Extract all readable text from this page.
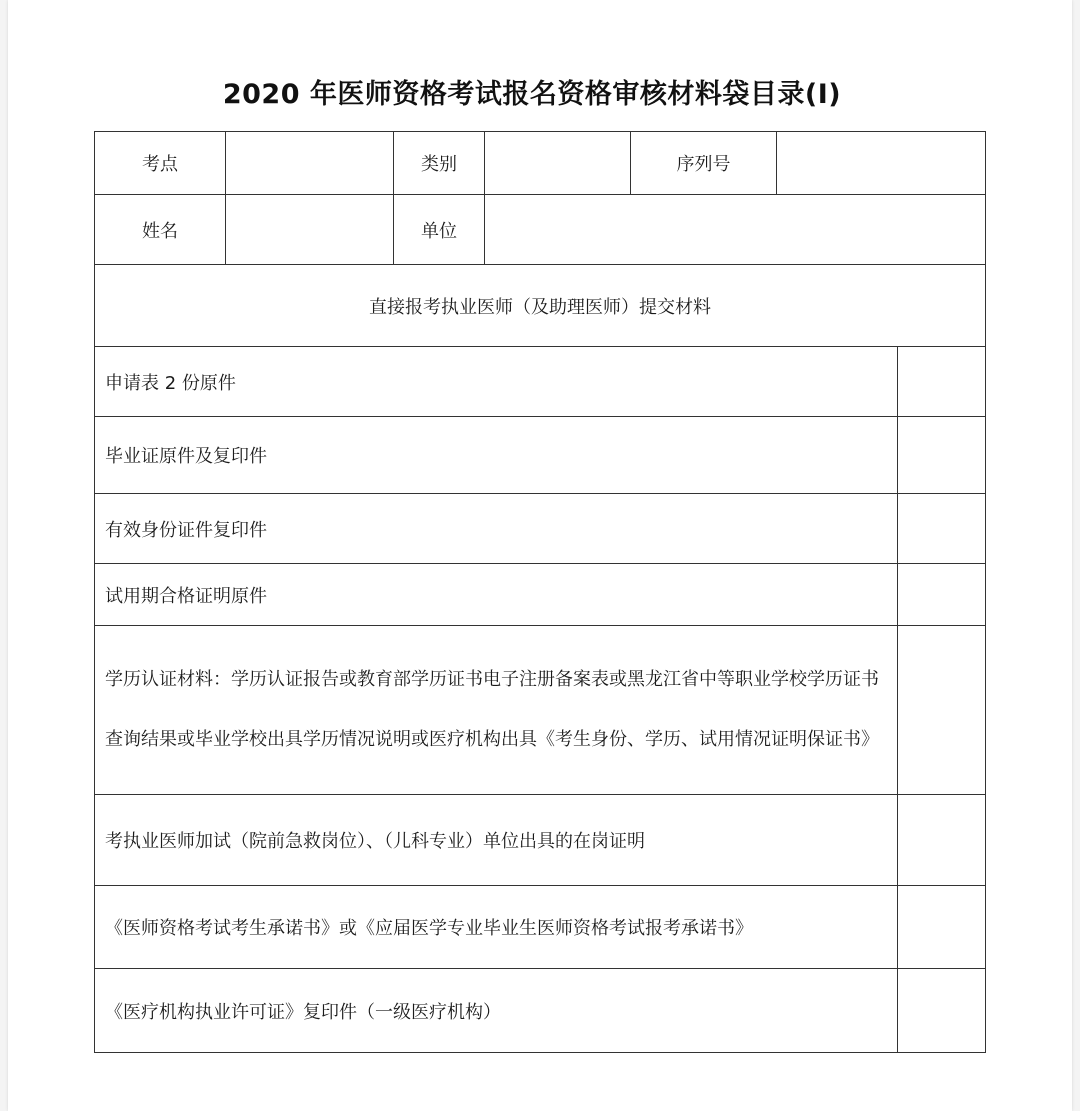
2020 年医师资格考试报名资格审核材料袋目录(I)
考点		类别		序列号		
姓名		单位				
直接报考执业医师（及助理医师）提交材料						
申请表 2 份原件						
毕业证原件及复印件						
有效身份证件复印件						
试用期合格证明原件						

学历认证材料：学历认证报告或教育部学历证书电子注册备案表或黑龙江省中等职业学校学历证书查询结果或毕业学校出具学历情况说明或医疗机构出具《考生身份、学历、试用情况证明保证书》						

考执业医师加试（院前急救岗位）、（儿科专业）单位出具的在岗证明						
《医师资格考试考生承诺书》或《应届医学专业毕业生医师资格考试报考承诺书》						
《医疗机构执业许可证》复印件（一级医疗机构）						
